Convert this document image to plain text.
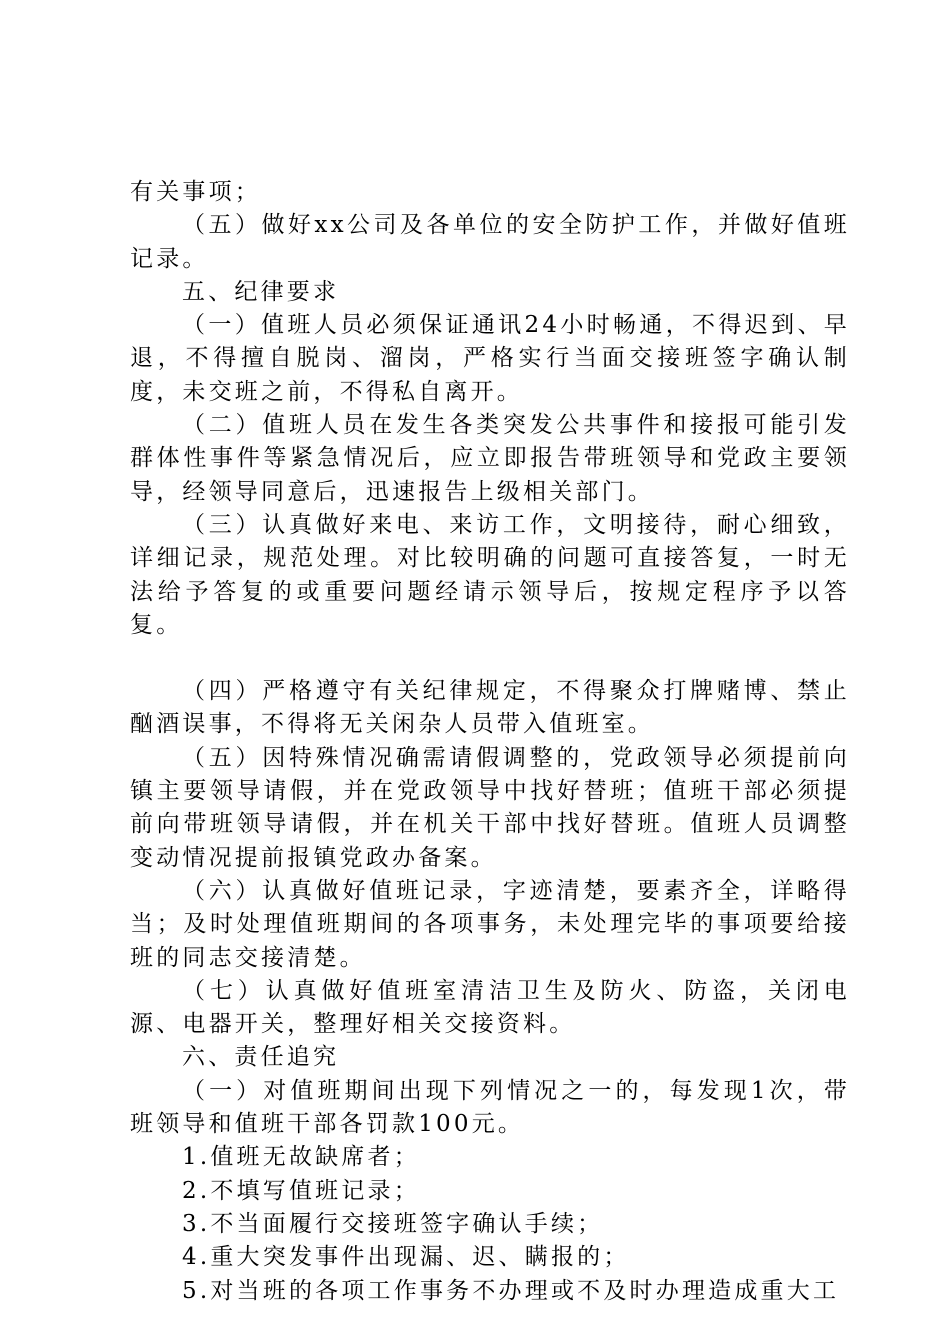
有关事项；

（五）做好xx公司及各单位的安全防护工作，并做好值班记录。

五、纪律要求

（一）值班人员必须保证通讯24小时畅通，不得迟到、早退，不得擅自脱岗、溜岗，严格实行当面交接班签字确认制度，未交班之前，不得私自离开。

（二）值班人员在发生各类突发公共事件和接报可能引发群体性事件等紧急情况后，应立即报告带班领导和党政主要领导，经领导同意后，迅速报告上级相关部门。

（三）认真做好来电、来访工作，文明接待，耐心细致，详细记录，规范处理。对比较明确的问题可直接答复，一时无法给予答复的或重要问题经请示领导后，按规定程序予以答复。

（四）严格遵守有关纪律规定，不得聚众打牌赌博、禁止酗酒误事，不得将无关闲杂人员带入值班室。

（五）因特殊情况确需请假调整的，党政领导必须提前向镇主要领导请假，并在党政领导中找好替班；值班干部必须提前向带班领导请假，并在机关干部中找好替班。值班人员调整变动情况提前报镇党政办备案。

（六）认真做好值班记录，字迹清楚，要素齐全，详略得当；及时处理值班期间的各项事务，未处理完毕的事项要给接班的同志交接清楚。

（七）认真做好值班室清洁卫生及防火、防盗，关闭电源、电器开关，整理好相关交接资料。

六、责任追究

（一）对值班期间出现下列情况之一的，每发现1次，带班领导和值班干部各罚款100元。

1.值班无故缺席者；

2.不填写值班记录；

3.不当面履行交接班签字确认手续；

4.重大突发事件出现漏、迟、瞒报的；

5.对当班的各项工作事务不办理或不及时办理造成重大工
